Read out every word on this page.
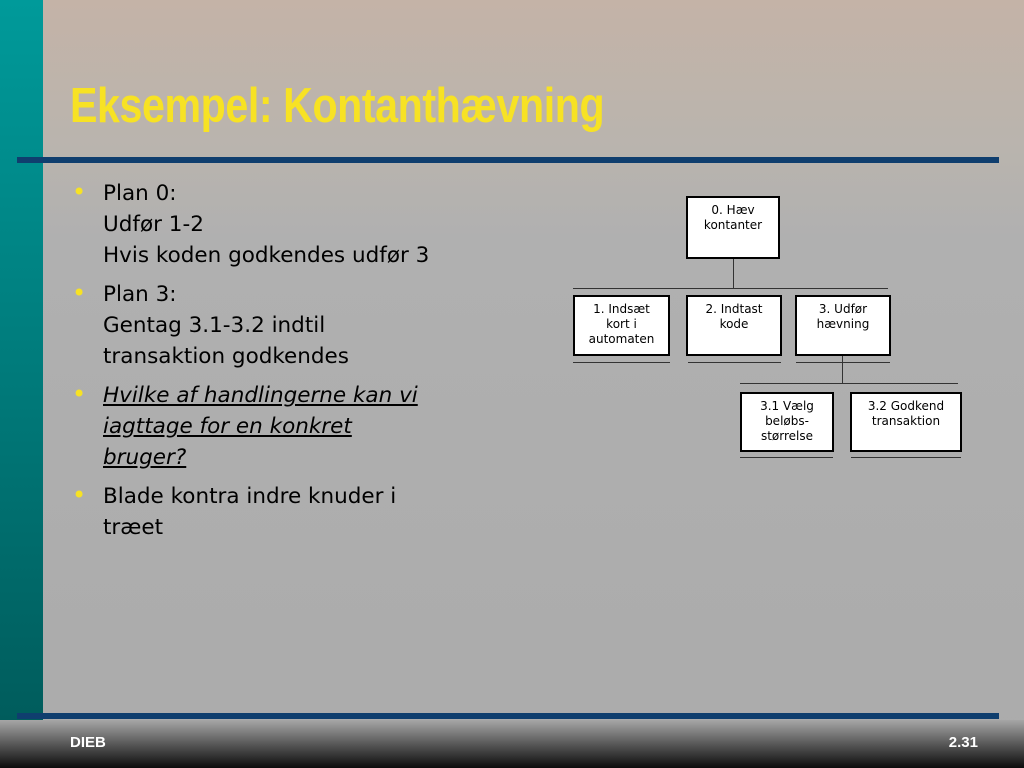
Eksempel: Kontanthævning
• Plan 0:
Udfør 1-2
Hvis koden godkendes udfør 3
• Plan 3:
Gentag 3.1-3.2 indtil
transaktion godkendes
• Hvilke af handlingerne kan vi
iagttage for en konkret
bruger?
• Blade kontra indre knuder i
træet
0. Hæv
kontanter
1. Indsæt
kort i
automaten
2. Indtast
kode
3. Udfør
hævning
3.1 Vælg
beløbs-
størrelse
3.2 Godkend
transaktion
DIEB	2.31
